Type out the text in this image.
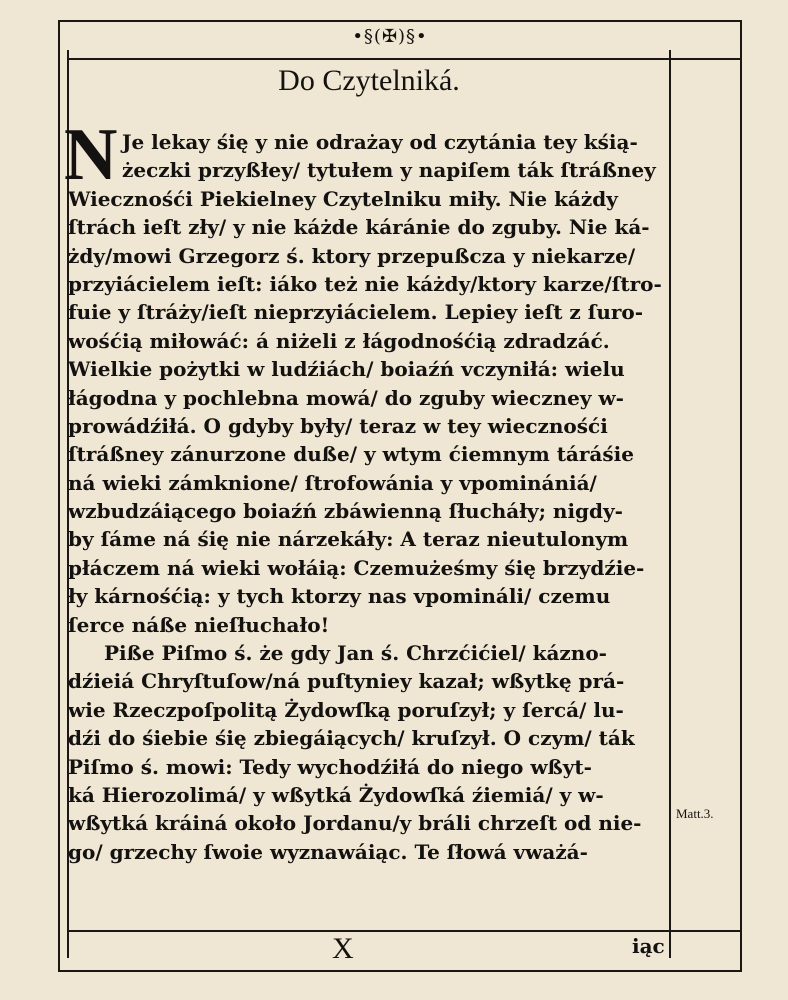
•§(✠)§•
Do Czytelniká.
N Je lekay śię y nie odrażay od czytánia tey kśią-
żeczki przyßłey/ tytułem y napiſem ták ſtráßney
Wiecznośći Piekielney Czytelniku miły. Nie káżdy
ſtrách ieſt zły/ y nie káżde káránie do zguby. Nie ká-
żdy/mowi Grzegorz ś. ktory przepußcza y niekarze/
przyiácielem ieſt: iáko też nie káżdy/ktory karze/ſtro-
fuie y ſtráży/ieſt nieprzyiácielem. Lepiey ieſt z ſuro-
wośćią miłowáć: á niżeli z łágodnośćią zdradzáć.
Wielkie pożytki w ludźiách/ boiaźń vczyniłá: wielu
łágodna y pochlebna mowá/ do zguby wieczney w-
prowádźiłá. O gdyby były/ teraz w tey wiecznośći
ſtráßney zánurzone duße/ y wtym ćiemnym táráśie
ná wieki zámknione/ ſtrofowánia y vpominániá/
wzbudzáiącego boiaźń zbáwienną ſłucháły; nigdy-
by ſáme ná śię nie nárzekáły: A teraz nieutulonym
płáczem ná wieki wołáią: Czemużeśmy śię brzydźie-
ły kárnośćią: y tych ktorzy nas vpomináli/ czemu
ſerce náße nieſłuchało!
Piße Piſmo ś. że gdy Jan ś. Chrzćićiel/ kázno-
dźieiá Chryſtuſow/ná puſtyniey kazał; wßytkę prá-
wie Rzeczpoſpolitą Żydowſką poruſzył; y ſercá/ lu-
dźi do śiebie śię zbiegáiących/ kruſzył. O czym/ ták
Piſmo ś. mowi: Tedy wychodźiłá do niego wßyt-
ká Hierozolimá/ y wßytká Żydowſká źiemiá/ y w-
wßytká kráiná około Jordanu/y bráli chrzeſt od nie-
go/ grzechy ſwoie wyznawáiąc. Te ſłowá vważá-
Matt.3.
X	iąc
